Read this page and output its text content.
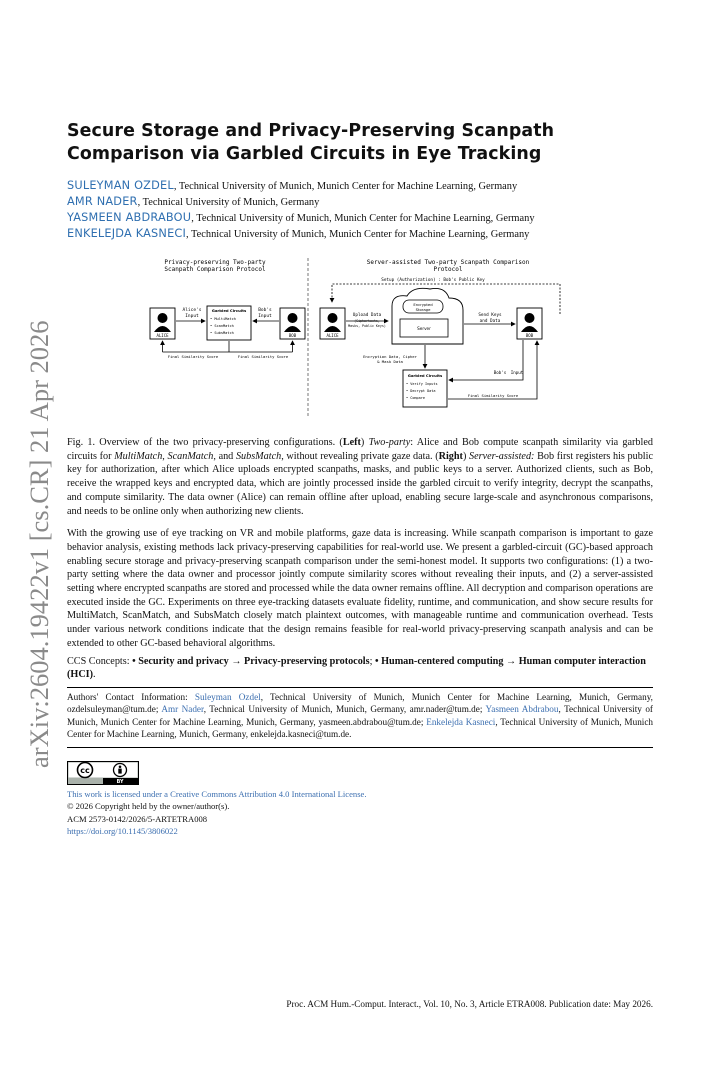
arXiv:2604.19422v1 [cs.CR] 21 Apr 2026
Secure Storage and Privacy-Preserving Scanpath Comparison via Garbled Circuits in Eye Tracking

SULEYMAN OZDEL, Technical University of Munich, Munich Center for Machine Learning, Germany

AMR NADER, Technical University of Munich, Germany

YASMEEN ABDRABOU, Technical University of Munich, Munich Center for Machine Learning, Germany

ENKELEJDA KASNECI, Technical University of Munich, Munich Center for Machine Learning, Germany

Privacy-preserving Two-party
Scanpath Comparison Protocol
Server-assisted Two-party Scanpath Comparison
Protocol
ALICE
Alice's
Input
Garbled Circuits
• MultiMatch
• ScanMatch
• SubsMatch
Bob's
Input
BOB
Final Similarity Score	Final Similarity Score
Setup (Authorization) : Bob's Public Key
ALICE
Upload Data
(Ciphertexts,
Masks, Public Keys)
Encrypted
Storage
Server
Send Keys
and Data
BOB
Encryption Data, Cipher
& Mask Data
Garbled Circuits
• Verify Inputs
• Decrypt Data
• Compare
Bob's Input
Final Similarity Score

Fig. 1. Overview of the two privacy-preserving configurations. (Left) Two-party: Alice and Bob compute scanpath similarity via garbled circuits for MultiMatch, ScanMatch, and SubsMatch, without revealing private gaze data. (Right) Server-assisted: Bob first registers his public key for authorization, after which Alice uploads encrypted scanpaths, masks, and public keys to a server. Authorized clients, such as Bob, receive the wrapped keys and encrypted data, which are jointly processed inside the garbled circuit to verify integrity, decrypt the scanpaths, and compute similarity. The data owner (Alice) can remain offline after upload, enabling secure large-scale and asynchronous comparisons, and needs to be online only when authorizing new clients.

With the growing use of eye tracking on VR and mobile platforms, gaze data is increasing. While scanpath comparison is important to gaze behavior analysis, existing methods lack privacy-preserving capabilities for real-world use. We present a garbled-circuit (GC)-based approach enabling secure storage and privacy-preserving scanpath comparison under the semi-honest model. It supports two configurations: (1) a two-party setting where the data owner and processor jointly compute similarity scores without revealing their inputs, and (2) a server-assisted setting where encrypted scanpaths are stored and processed while the data owner remains offline. All decryption and comparison operations are executed inside the GC. Experiments on three eye-tracking datasets evaluate fidelity, runtime, and communication, and show secure results for MultiMatch, ScanMatch, and SubsMatch closely match plaintext outcomes, with manageable runtime and communication overhead. Tests under various network conditions indicate that the design remains feasible for real-world privacy-preserving scanpath analysis and can be extended to other GC-based behavioral algorithms.

CCS Concepts: • Security and privacy → Privacy-preserving protocols; • Human-centered computing → Human computer interaction (HCI).

Authors' Contact Information: Suleyman Ozdel, Technical University of Munich, Munich Center for Machine Learning, Munich, Germany, ozdelsuleyman@tum.de; Amr Nader, Technical University of Munich, Munich, Germany, amr.nader@tum.de; Yasmeen Abdrabou, Technical University of Munich, Munich Center for Machine Learning, Munich, Germany, yasmeen.abdrabou@tum.de; Enkelejda Kasneci, Technical University of Munich, Munich Center for Machine Learning, Munich, Germany, enkelejda.kasneci@tum.de.

cc
BY

This work is licensed under a Creative Commons Attribution 4.0 International License.
© 2026 Copyright held by the owner/author(s).
ACM 2573-0142/2026/5-ARTETRA008
https://doi.org/10.1145/3806022

Proc. ACM Hum.-Comput. Interact., Vol. 10, No. 3, Article ETRA008. Publication date: May 2026.
